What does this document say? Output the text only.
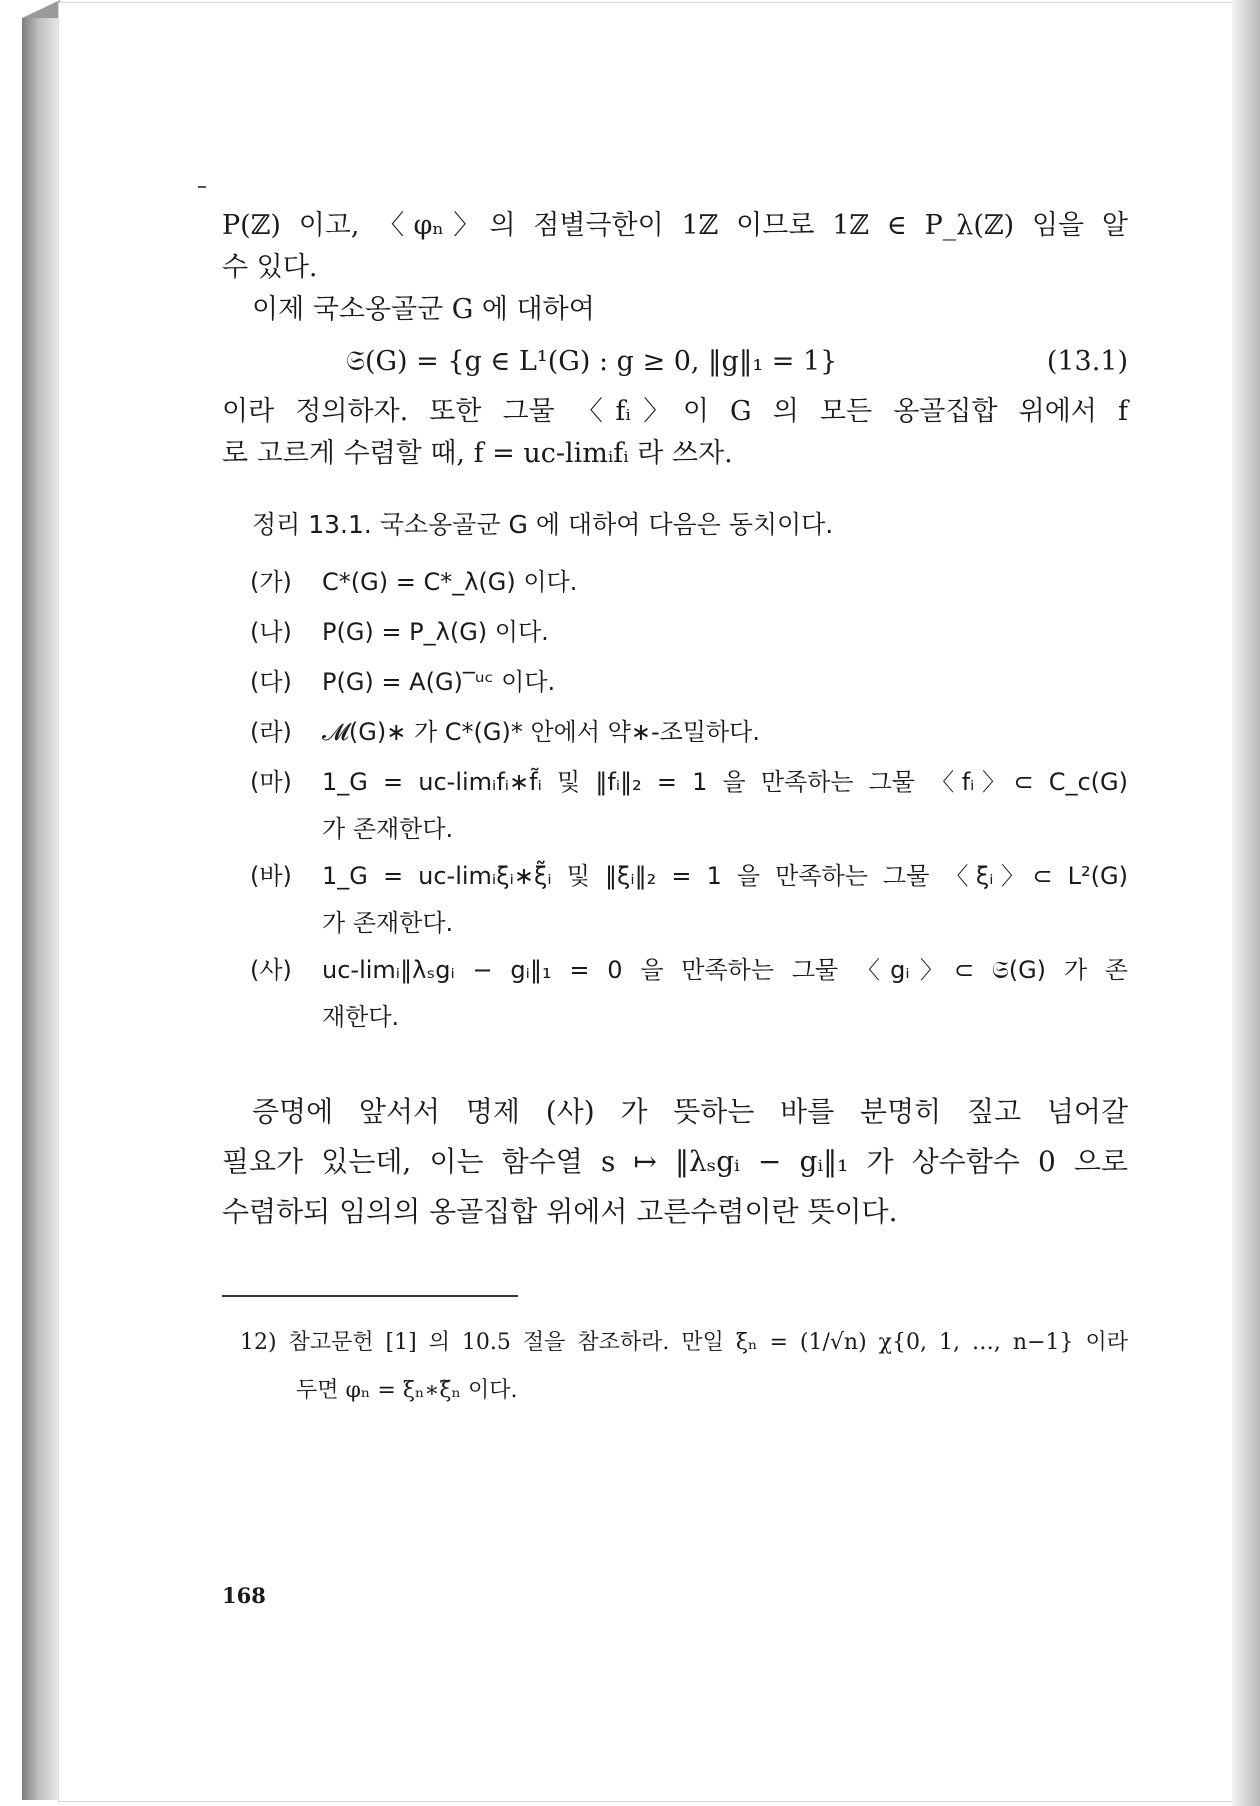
P(ℤ) 이고, 〈φₙ〉의 점별극한이 1ℤ 이므로 1ℤ ∈ P_λ(ℤ) 임을 알
수 있다.
이제 국소옹골군 G 에 대하여
𝔖(G) = {g ∈ L¹(G) : g ≥ 0, ‖g‖₁ = 1}	(13.1)
이라 정의하자. 또한 그물 〈fᵢ〉이 G 의 모든 옹골집합 위에서 f
로 고르게 수렴할 때, f = uc-limᵢfᵢ 라 쓰자.
정리 13.1. 국소옹골군 G 에 대하여 다음은 동치이다.
(가)	C*(G) = C*_λ(G) 이다.
(나)	P(G) = P_λ(G) 이다.
(다)	P(G) = A(G)‾ᵘᶜ 이다.
(라)	𝓜(G)∗ 가 C*(G)* 안에서 약∗-조밀하다.
(마)	1_G = uc-limᵢfᵢ∗f̃ᵢ 및 ‖fᵢ‖₂ = 1 을 만족하는 그물 〈fᵢ〉⊂ C_c(G)
가 존재한다.
(바)	1_G = uc-limᵢξᵢ∗ξ̃ᵢ 및 ‖ξᵢ‖₂ = 1 을 만족하는 그물 〈ξᵢ〉⊂ L²(G)
가 존재한다.
(사)	uc-limᵢ‖λₛgᵢ − gᵢ‖₁ = 0 을 만족하는 그물 〈gᵢ〉⊂ 𝔖(G) 가 존
재한다.
증명에 앞서서 명제 (사) 가 뜻하는 바를 분명히 짚고 넘어갈
필요가 있는데, 이는 함수열 s ↦ ‖λₛgᵢ − gᵢ‖₁ 가 상수함수 0 으로
수렴하되 임의의 옹골집합 위에서 고른수렴이란 뜻이다.
12) 참고문헌 [1] 의 10.5 절을 참조하라. 만일 ξₙ = (1/√n) χ{0, 1, …, n−1} 이라
두면 φₙ = ξₙ∗ξ̃ₙ 이다.
168
